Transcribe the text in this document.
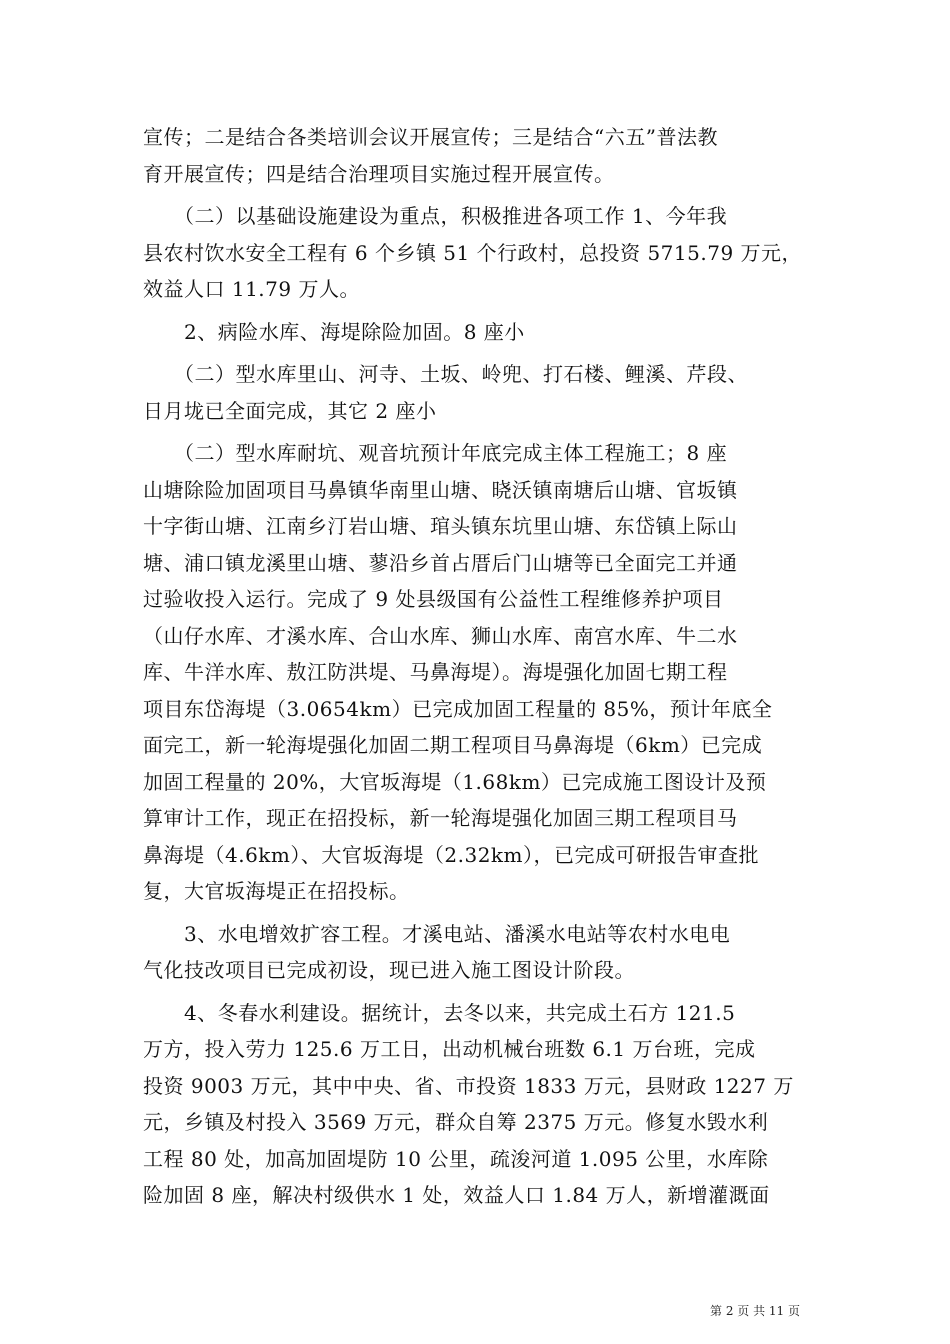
宣传；二是结合各类培训会议开展宣传；三是结合“六五”普法教
育开展宣传；四是结合治理项目实施过程开展宣传。

　　（二）以基础设施建设为重点，积极推进各项工作 1、今年我
县农村饮水安全工程有 6 个乡镇 51 个行政村，总投资 5715.79 万元，
效益人口 11.79 万人。

　　2、病险水库、海堤除险加固。8 座小

　　（二）型水库里山、河寺、土坂、岭兜、打石楼、鲤溪、芹段、
日月垅已全面完成，其它 2 座小

　　（二）型水库耐坑、观音坑预计年底完成主体工程施工；8 座
山塘除险加固项目马鼻镇华南里山塘、晓沃镇南塘后山塘、官坂镇
十字街山塘、江南乡汀岩山塘、琯头镇东坑里山塘、东岱镇上际山
塘、浦口镇龙溪里山塘、蓼沿乡首占厝后门山塘等已全面完工并通
过验收投入运行。完成了 9 处县级国有公益性工程维修养护项目
（山仔水库、才溪水库、合山水库、狮山水库、南宫水库、牛二水
库、牛洋水库、敖江防洪堤、马鼻海堤）。海堤强化加固七期工程
项目东岱海堤（3.0654km）已完成加固工程量的 85%，预计年底全
面完工，新一轮海堤强化加固二期工程项目马鼻海堤（6km）已完成
加固工程量的 20%，大官坂海堤（1.68km）已完成施工图设计及预
算审计工作，现正在招投标，新一轮海堤强化加固三期工程项目马
鼻海堤（4.6km）、大官坂海堤（2.32km），已完成可研报告审查批
复，大官坂海堤正在招投标。

　　3、水电增效扩容工程。才溪电站、潘溪水电站等农村水电电
气化技改项目已完成初设，现已进入施工图设计阶段。

　　4、冬春水利建设。据统计，去冬以来，共完成土石方 121.5
万方，投入劳力 125.6 万工日，出动机械台班数 6.1 万台班，完成
投资 9003 万元，其中中央、省、市投资 1833 万元，县财政 1227 万
元，乡镇及村投入 3569 万元，群众自筹 2375 万元。修复水毁水利
工程 80 处，加高加固堤防 10 公里，疏浚河道 1.095 公里，水库除
险加固 8 座，解决村级供水 1 处，效益人口 1.84 万人，新增灌溉面

第 2 页 共 11 页
